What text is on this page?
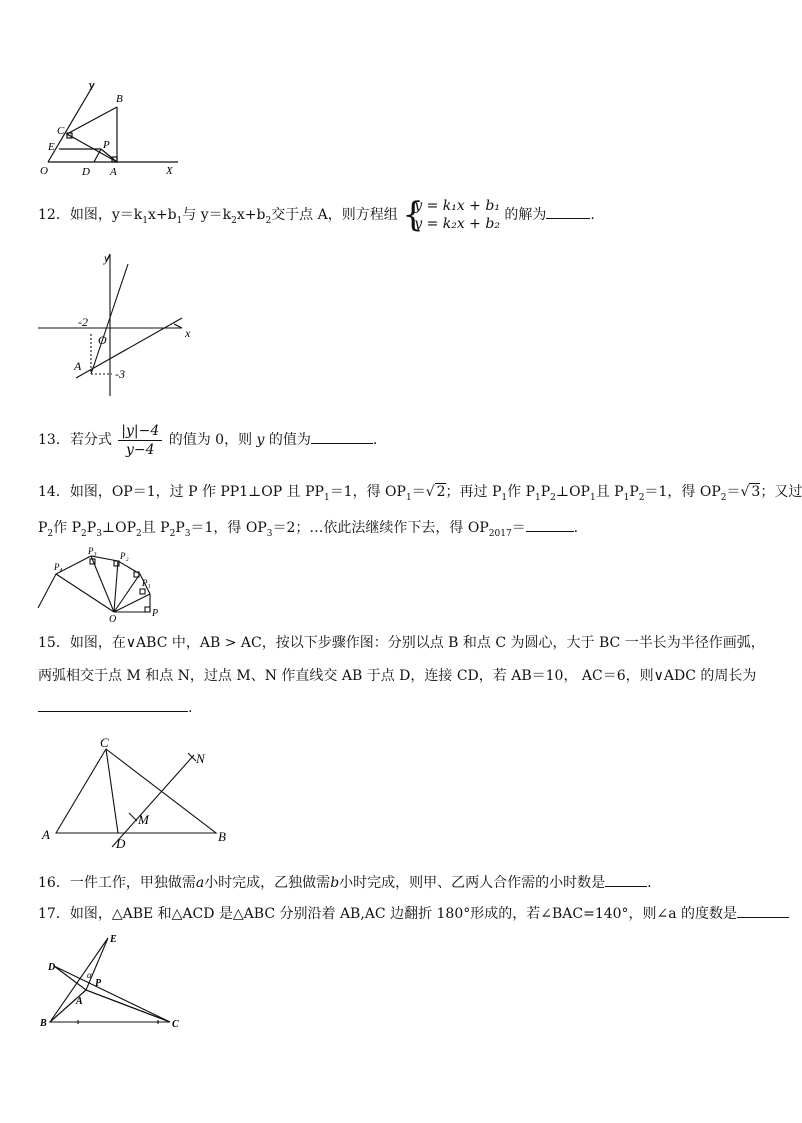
Y
B
C
E	P
O	D A	X
12．如图，$y=k_1x+b_1$与 $y=k_2x+b_2$交于点 A，则方程组 {
y = k₁x + b₁
y = k₂x + b₂
的解为	.
y
x
-2
O
A
-3
13．若分式 $\frac{|y|-4}{y-4}$ 的值为 0，则 y 的值为	.
14．如图，OP＝1，过 P 作 PP1⊥OP 且 $PP_1=1$，得 $OP_1=√$ 2；再过 $P_1$作 $P_1P_2\perp OP_1$且 $P_1P_2=1$，得 $OP_2=√$ 3；又过
$P_2$作 $P_2P_3\perp OP_2$且 $P_2P_3=1$，得 $OP_3=2$；…依此法继续作下去，得 $OP_{2017}=$	.
P₄
P₃	P₂
P₁
P
O
15．如图，在∨ABC 中，AB > AC，按以下步骤作图：分别以点 B 和点 C 为圆心，大于 BC 一半长为半径作画弧，
两弧相交于点 M 和点 N，过点 M、N 作直线交 AB 于点 D，连接 CD，若 AB＝10， AC＝6，则∨ADC 的周长为
.
C
N
M
A
D	B
16．一件工作，甲独做需a小时完成，乙独做需b小时完成，则甲、乙两人合作需的小时数是	.
17．如图，△ABE 和△ACD 是△ABC 分别沿着 AB,AC 边翻折 180°形成的，若∠BAC=140°，则∠a 的度数是
E
D
α
P
A
B	C
